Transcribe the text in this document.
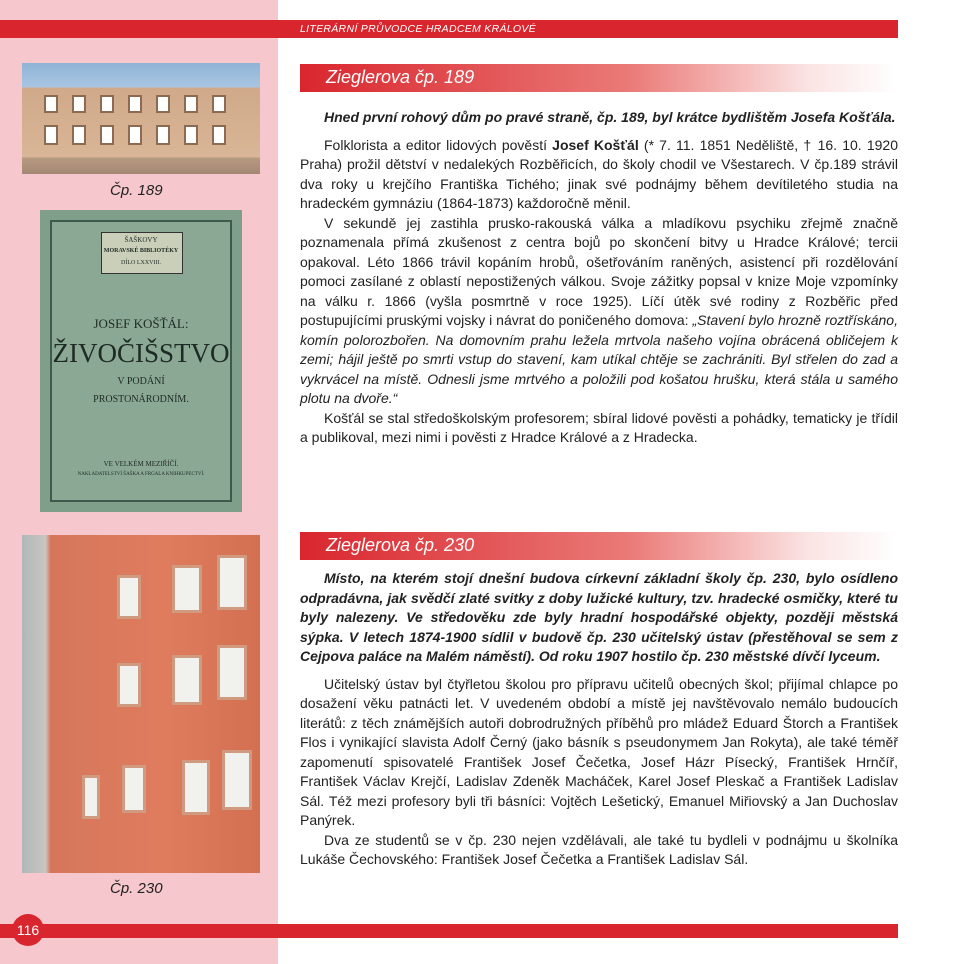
LITERÁRNÍ PRŮVODCE HRADCEM KRÁLOVÉ
Čp. 189
ŠAŠKOVY
MORAVSKÉ BIBLIOTÉKY
DÍLO LXXVIII.
JOSEF KOŠŤÁL:
ŽIVOČIŠSTVO
V PODÁNÍ
PROSTONÁRODNÍM.
VE VELKÉM MEZIŘÍČÍ.
NAKLADATELSTVÍ ŠAŠKA A FRGALA KNIHKUPECTVÍ.
Čp. 230
Zieglerova čp. 189

Hned první rohový dům po pravé straně, čp. 189, byl krátce bydlištěm Josefa Košťála.

Folklorista a editor lidových pověstí Josef Košťál (* 7. 11. 1851 Neděliště, † 16. 10. 1920 Praha) prožil dětství v nedalekých Rozběřicích, do školy chodil ve Všestarech. V čp.189 strávil dva roky u krejčího Františka Tichého; jinak své podnájmy během devítiletého studia na hradeckém gymnáziu (1864-1873) každoročně měnil.

V sekundě jej zastihla prusko-rakouská válka a mladíkovu psychiku zřejmě značně poznamenala přímá zkušenost z centra bojů po skončení bitvy u Hradce Králové; tercii opakoval. Léto 1866 trávil kopáním hrobů, ošetřováním raněných, asistencí při rozdělování pomoci zasílané z oblastí nepostižených válkou. Svoje zážitky popsal v knize Moje vzpomínky na válku r. 1866 (vyšla posmrtně v roce 1925). Líčí útěk své rodiny z Rozběřic před postupujícími pruskými vojsky i návrat do poničeného domova: „Stavení bylo hrozně roztřískáno, komín polorozbořen. Na domovním prahu ležela mrtvola našeho vojína obrácená obličejem k zemi; hájil ještě po smrti vstup do stavení, kam utíkal chtěje se zachrániti. Byl střelen do zad a vykrvácel na místě. Odnesli jsme mrtvého a položili pod košatou hrušku, která stála u samého plotu na dvoře.“

Košťál se stal středoškolským profesorem; sbíral lidové pověsti a pohádky, tematicky je třídil a publikoval, mezi nimi i pověsti z Hradce Králové a z Hradecka.

Zieglerova čp. 230

Místo, na kterém stojí dnešní budova církevní základní školy čp. 230, bylo osídleno odpradávna, jak svědčí zlaté svitky z doby lužické kultury, tzv. hradecké osmičky, které tu byly nalezeny. Ve středověku zde byly hradní hospodářské objekty, později městská sýpka. V letech 1874-1900 sídlil v budově čp. 230 učitelský ústav (přestěhoval se sem z Cejpova paláce na Malém náměstí). Od roku 1907 hostilo čp. 230 městské dívčí lyceum.

Učitelský ústav byl čtyřletou školou pro přípravu učitelů obecných škol; přijímal chlapce po dosažení věku patnácti let. V uvedeném období a místě jej navštěvovalo nemálo budoucích literátů: z těch známějších autoři dobrodružných příběhů pro mládež Eduard Štorch a František Flos i vynikající slavista Adolf Černý (jako básník s pseudonymem Jan Rokyta), ale také téměř zapomenutí spisovatelé František Josef Čečetka, Josef Házr Písecký, František Hrnčíř, František Václav Krejčí, Ladislav Zdeněk Macháček, Karel Josef Pleskač a František Ladislav Sál. Též mezi profesory byli tři básníci: Vojtěch Lešetický, Emanuel Miřiovský a Jan Duchoslav Panýrek.

Dva ze studentů se v čp. 230 nejen vzdělávali, ale také tu bydleli v podnájmu u školníka Lukáše Čechovského: František Josef Čečetka a František Ladislav Sál.

116
